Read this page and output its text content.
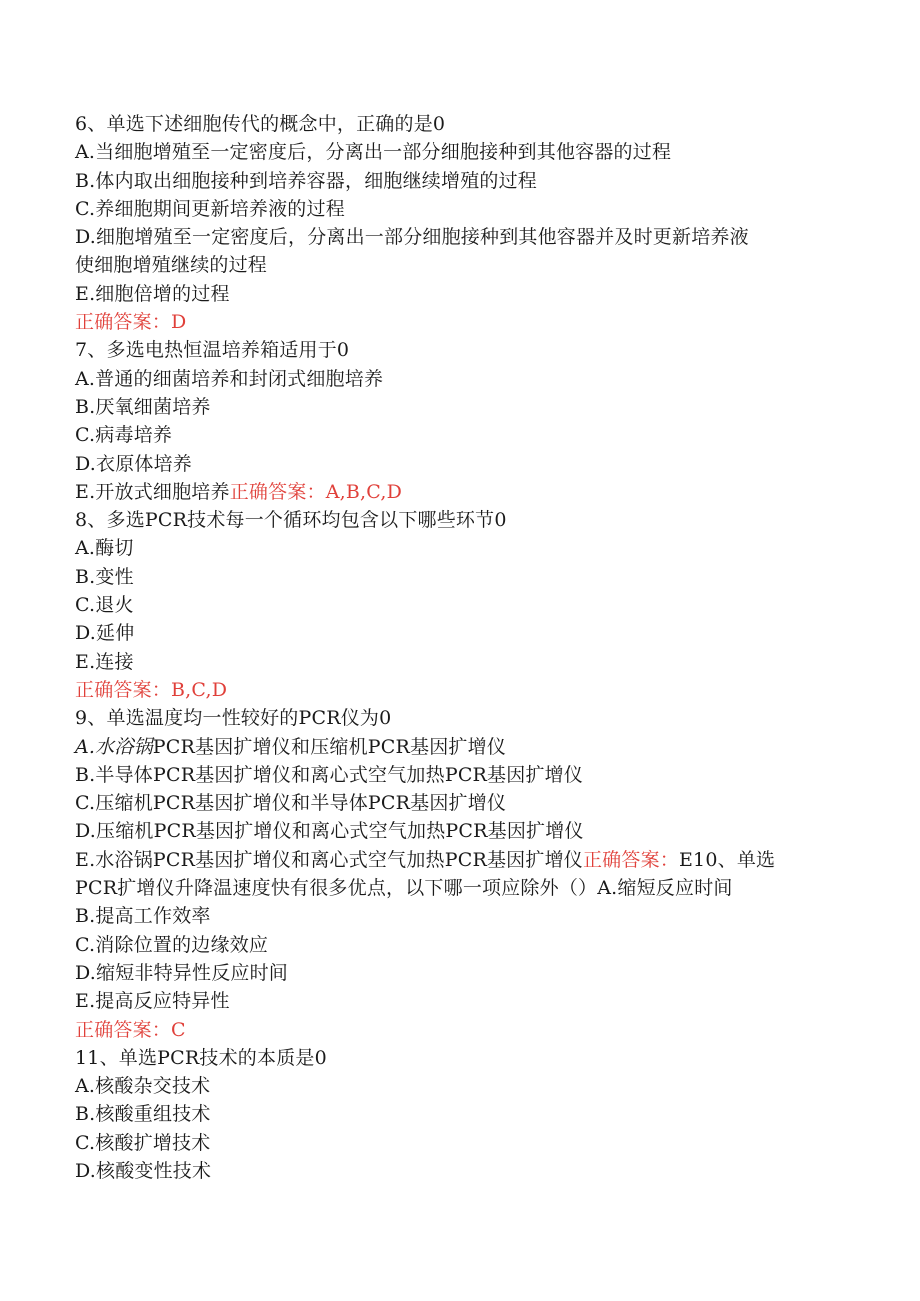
6、单选下述细胞传代的概念中，正确的是0
A.当细胞增殖至一定密度后，分离出一部分细胞接种到其他容器的过程
B.体内取出细胞接种到培养容器，细胞继续增殖的过程
C.养细胞期间更新培养液的过程
D.细胞增殖至一定密度后，分离出一部分细胞接种到其他容器并及时更新培养液
使细胞增殖继续的过程
E.细胞倍增的过程
正确答案：D
7、多选电热恒温培养箱适用于0
A.普通的细菌培养和封闭式细胞培养
B.厌氧细菌培养
C.病毒培养
D.衣原体培养
E.开放式细胞培养正确答案：A,B,C,D
8、多选PCR技术每一个循环均包含以下哪些环节0
A.酶切
B.变性
C.退火
D.延伸
E.连接
正确答案：B,C,D
9、单选温度均一性较好的PCR仪为0
A.水浴锅PCR基因扩增仪和压缩机PCR基因扩增仪
B.半导体PCR基因扩增仪和离心式空气加热PCR基因扩增仪
C.压缩机PCR基因扩增仪和半导体PCR基因扩增仪
D.压缩机PCR基因扩增仪和离心式空气加热PCR基因扩增仪
E.水浴锅PCR基因扩增仪和离心式空气加热PCR基因扩增仪正确答案：E10、单选
PCR扩增仪升降温速度快有很多优点，以下哪一项应除外（）A.缩短反应时间
B.提高工作效率
C.消除位置的边缘效应
D.缩短非特异性反应时间
E.提高反应特异性
正确答案：C
11、单选PCR技术的本质是0
A.核酸杂交技术
B.核酸重组技术
C.核酸扩增技术
D.核酸变性技术
